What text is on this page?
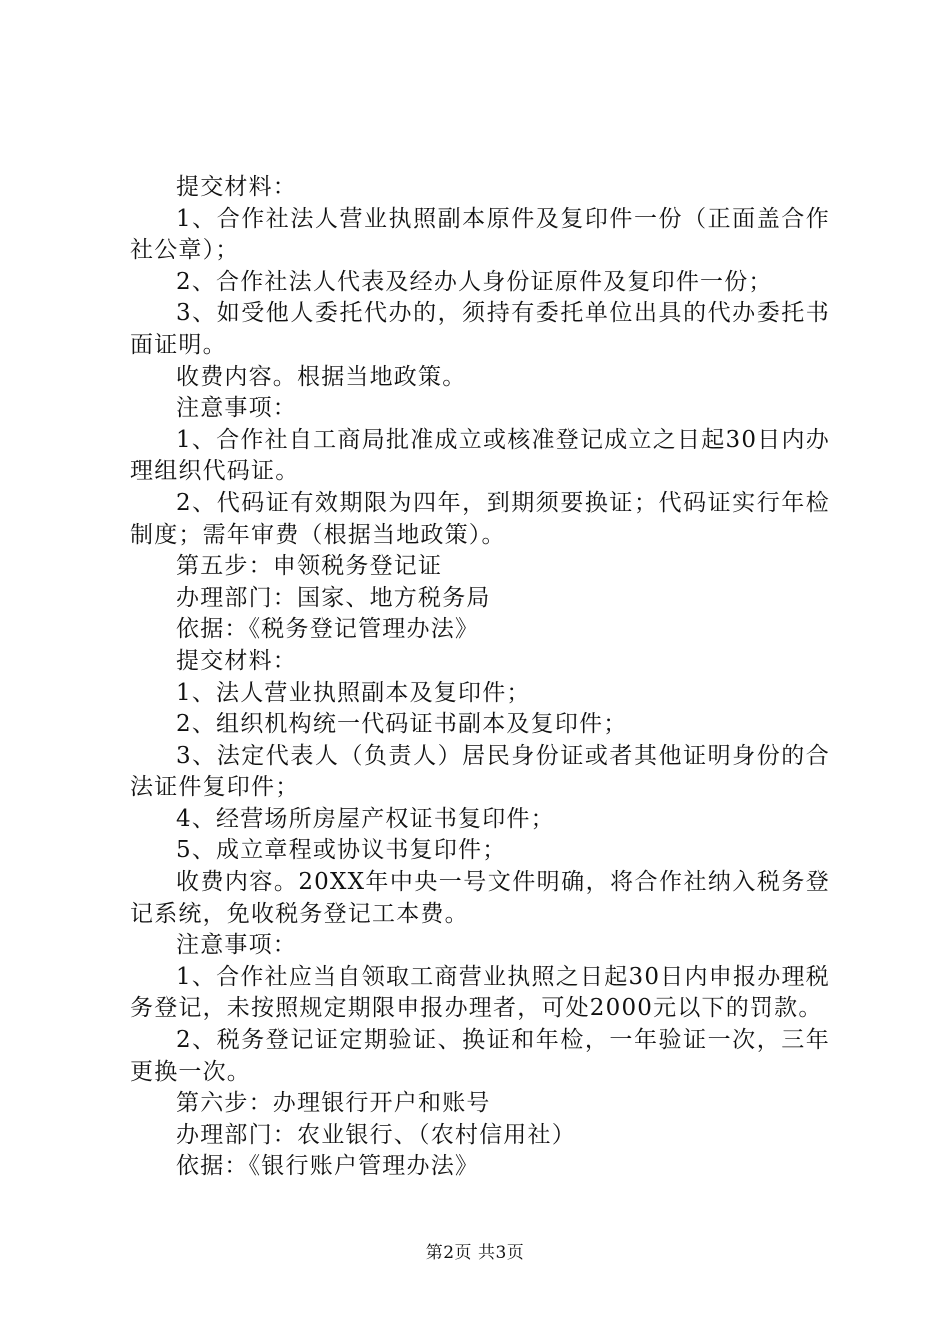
提交材料：

1、合作社法人营业执照副本原件及复印件一份（正面盖合作社公章）；

2、合作社法人代表及经办人身份证原件及复印件一份；

3、如受他人委托代办的，须持有委托单位出具的代办委托书面证明。

收费内容。根据当地政策。

注意事项：

1、合作社自工商局批准成立或核准登记成立之日起30日内办理组织代码证。

2、代码证有效期限为四年，到期须要换证；代码证实行年检制度；需年审费（根据当地政策）。

第五步：申领税务登记证

办理部门：国家、地方税务局

依据：《税务登记管理办法》

提交材料：

1、法人营业执照副本及复印件；

2、组织机构统一代码证书副本及复印件；

3、法定代表人（负责人）居民身份证或者其他证明身份的合法证件复印件；

4、经营场所房屋产权证书复印件；

5、成立章程或协议书复印件；

收费内容。20XX年中央一号文件明确，将合作社纳入税务登记系统，免收税务登记工本费。

注意事项：

1、合作社应当自领取工商营业执照之日起30日内申报办理税务登记，未按照规定期限申报办理者，可处2000元以下的罚款。

2、税务登记证定期验证、换证和年检，一年验证一次，三年更换一次。

第六步：办理银行开户和账号

办理部门：农业银行、（农村信用社）

依据：《银行账户管理办法》

第2页 共3页
